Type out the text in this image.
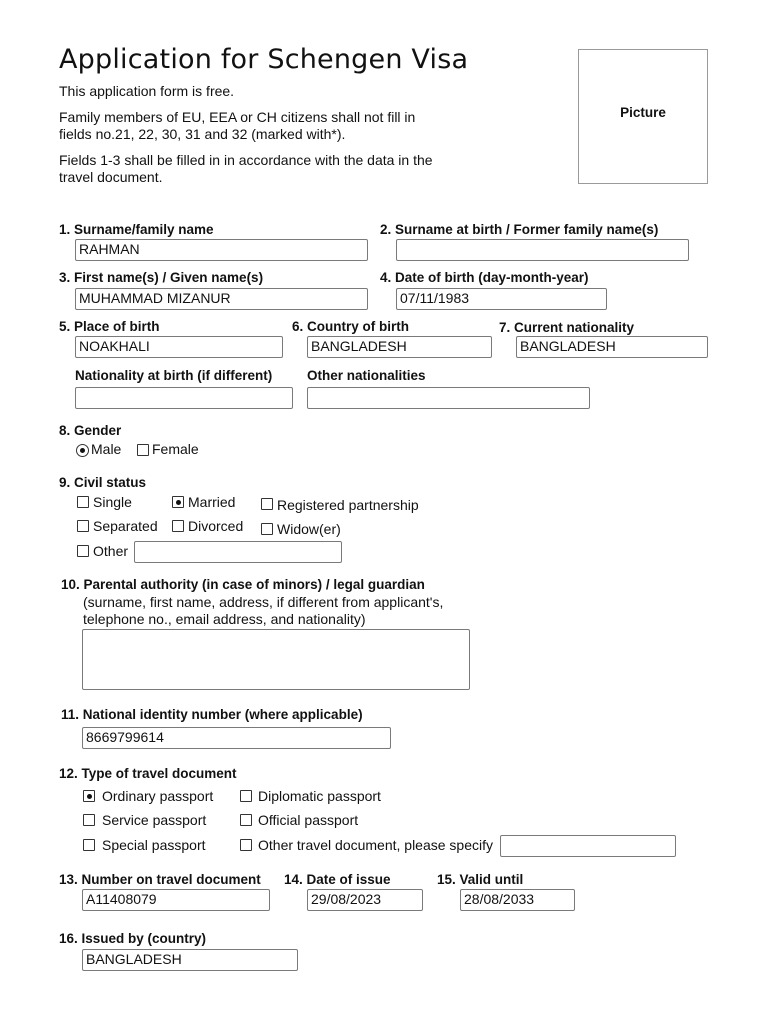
Application for Schengen Visa
This application form is free.
Family members of EU, EEA or CH citizens shall not fill in
fields no.21, 22, 30, 31 and 32 (marked with*).
Fields 1-3 shall be filled in in accordance with the data in the
travel document.
Picture
1. Surname/family name
RAHMAN
2. Surname at birth / Former family name(s)
3. First name(s) / Given name(s)
MUHAMMAD MIZANUR
4. Date of birth (day-month-year)
07/11/1983
5. Place of birth
NOAKHALI
6. Country of birth
BANGLADESH
7. Current nationality
BANGLADESH
Nationality at birth (if different)	Other nationalities
8. Gender
Male Female
9. Civil status
Single	Married	Registered partnership
Separated Divorced Widow(er)
Other
10. Parental authority (in case of minors) / legal guardian
(surname, first name, address, if different from applicant's,
telephone no., email address, and nationality)
11. National identity number (where applicable)
8669799614
12. Type of travel document
Ordinary passport	Diplomatic passport
Service passport	Official passport
Special passport	Other travel document, please specify
13. Number on travel document
A11408079
14. Date of issue
29/08/2023
15. Valid until
28/08/2033
16. Issued by (country)
BANGLADESH
